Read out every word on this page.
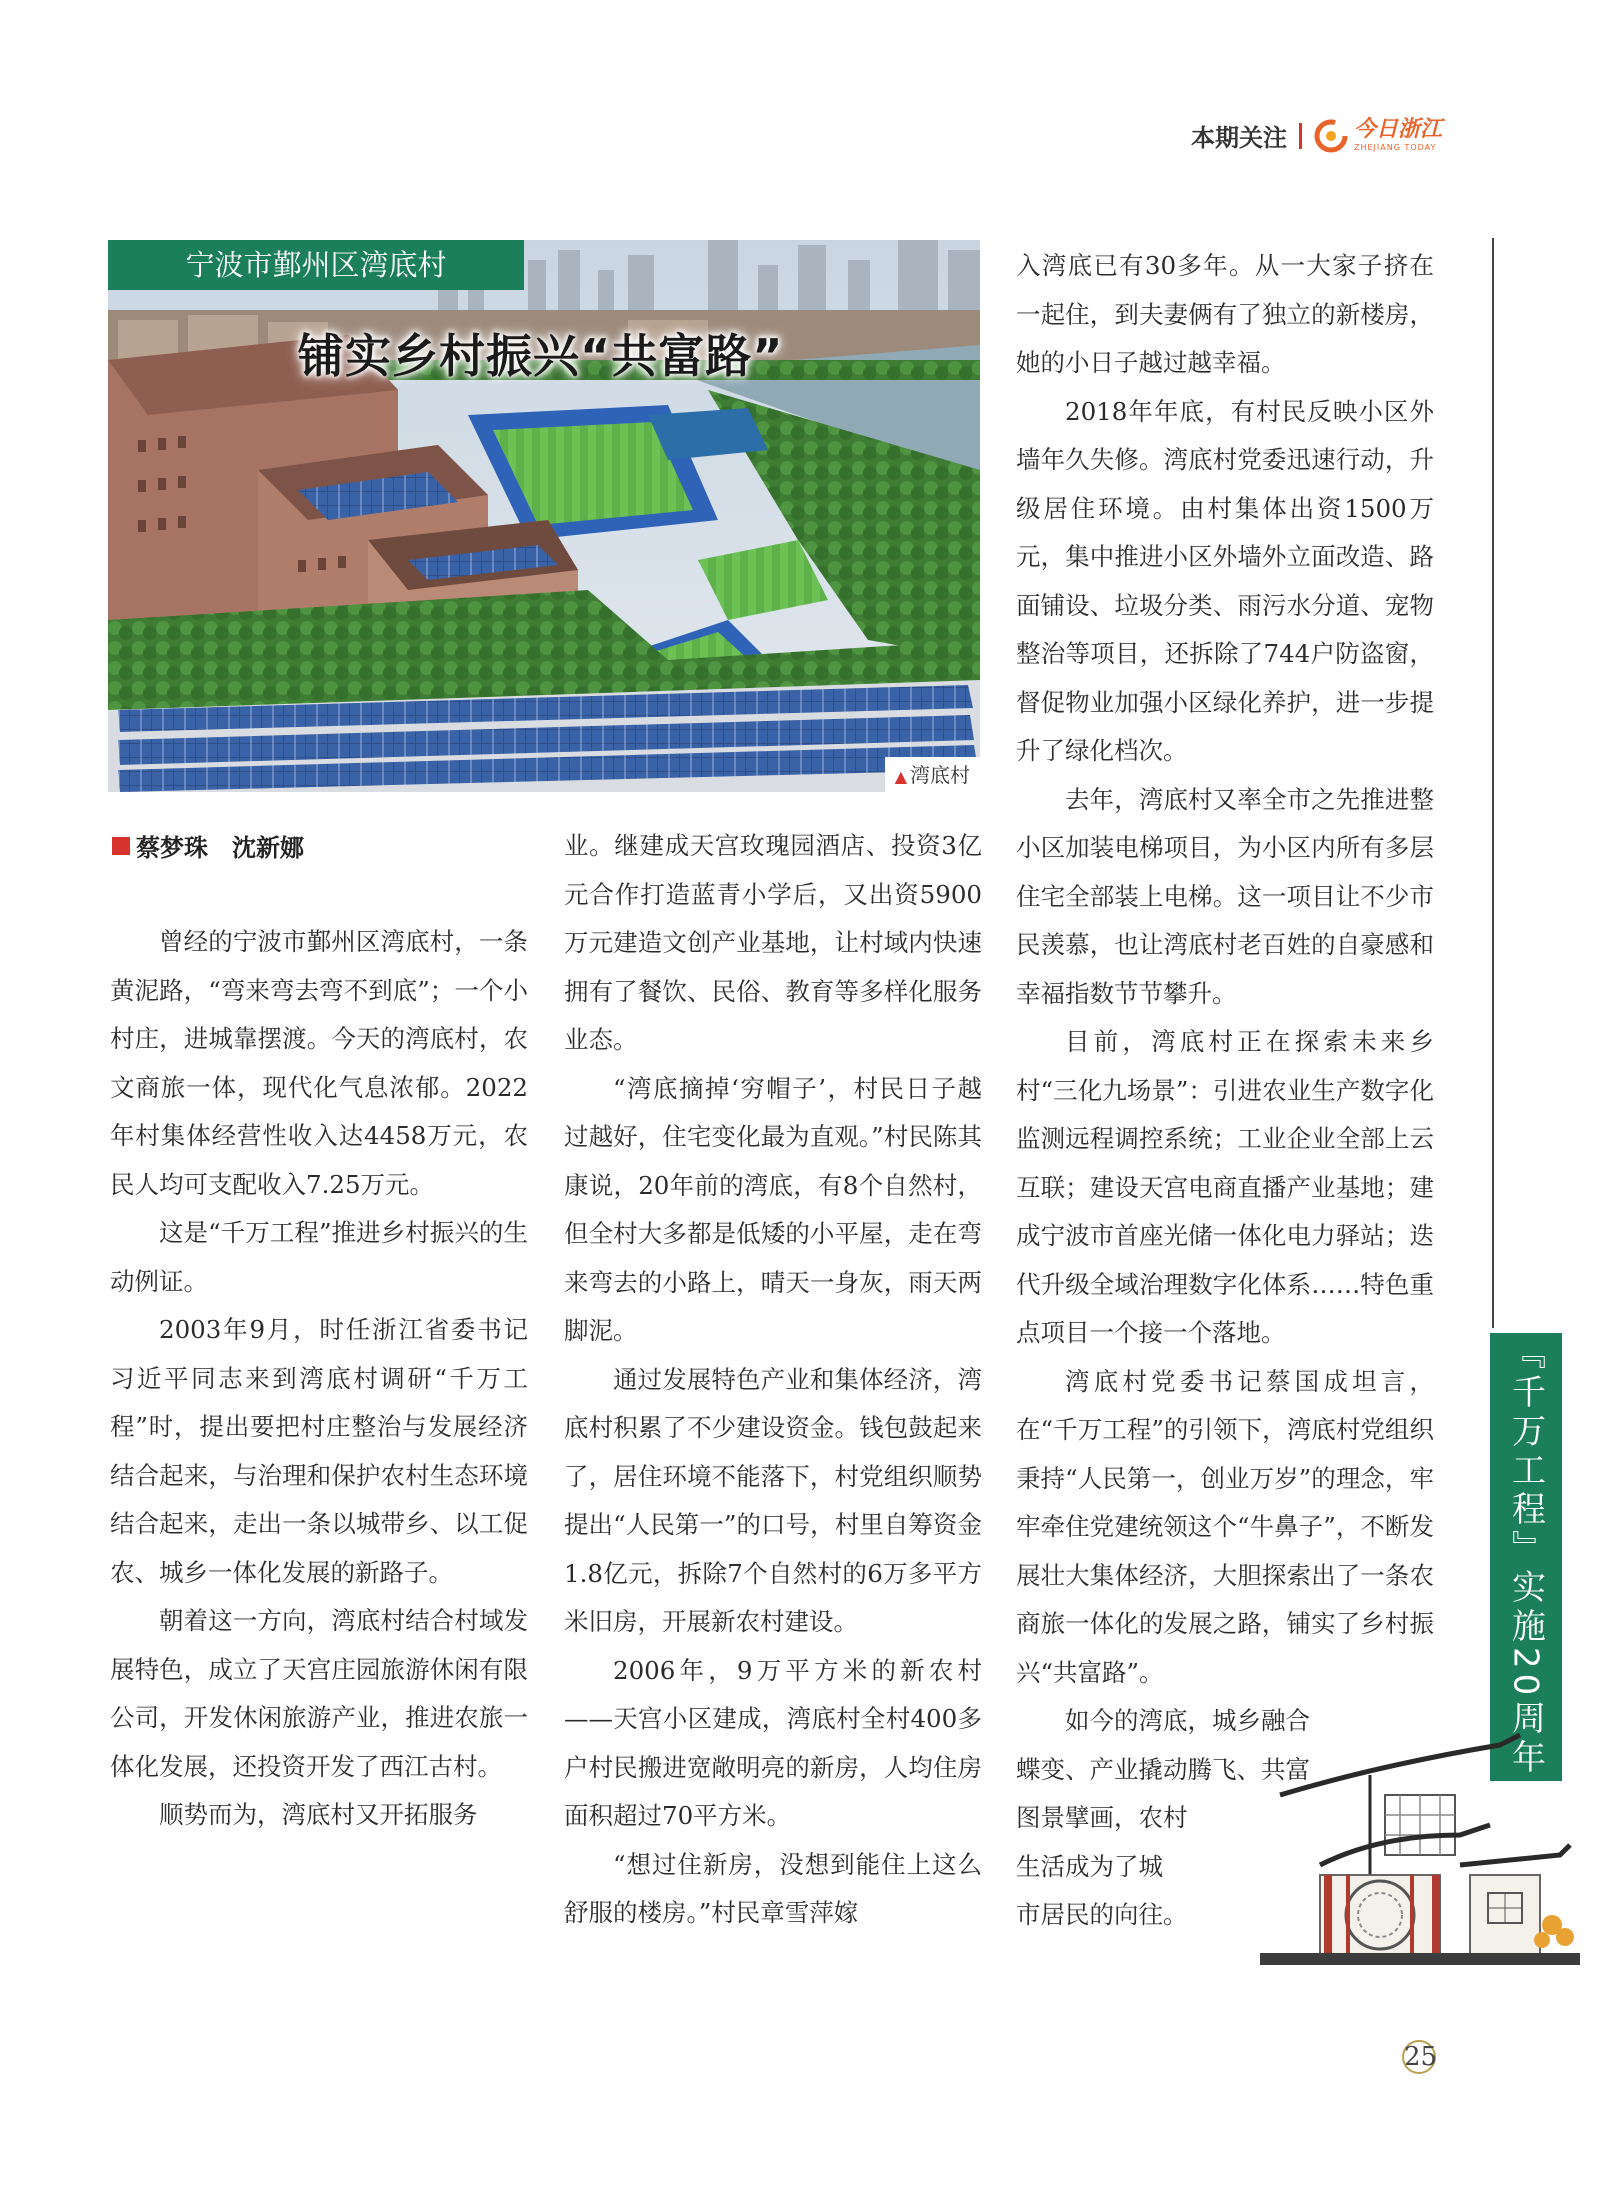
本期关注	今日浙江
ZHEJIANG TODAY
宁波市鄞州区湾底村
铺实乡村振兴“共富路”
▲ 湾底村
蔡梦珠　沈新娜

曾经的宁波市鄞州区湾底村，一条黄泥路，“弯来弯去弯不到底”；一个小村庄，进城靠摆渡。今天的湾底村，农文商旅一体，现代化气息浓郁。2022年村集体经营性收入达4458万元，农民人均可支配收入7.25万元。

这是“千万工程”推进乡村振兴的生动例证。

2003年9月，时任浙江省委书记习近平同志来到湾底村调研“千万工程”时，提出要把村庄整治与发展经济结合起来，与治理和保护农村生态环境结合起来，走出一条以城带乡、以工促农、城乡一体化发展的新路子。

朝着这一方向，湾底村结合村域发展特色，成立了天宫庄园旅游休闲有限公司，开发休闲旅游产业，推进农旅一体化发展，还投资开发了西江古村。

顺势而为，湾底村又开拓服务

业。继建成天宫玫瑰园酒店、投资3亿元合作打造蓝青小学后，又出资5900万元建造文创产业基地，让村域内快速拥有了餐饮、民俗、教育等多样化服务业态。

“湾底摘掉‘穷帽子’，村民日子越过越好，住宅变化最为直观。”村民陈其康说，20年前的湾底，有8个自然村，但全村大多都是低矮的小平屋，走在弯来弯去的小路上，晴天一身灰，雨天两脚泥。

通过发展特色产业和集体经济，湾底村积累了不少建设资金。钱包鼓起来了，居住环境不能落下，村党组织顺势提出“人民第一”的口号，村里自筹资金1.8亿元，拆除7个自然村的6万多平方米旧房，开展新农村建设。

2006年，9万平方米的新农村——天宫小区建成，湾底村全村400多户村民搬进宽敞明亮的新房，人均住房面积超过70平方米。

“想过住新房，没想到能住上这么舒服的楼房。”村民章雪萍嫁

入湾底已有30多年。从一大家子挤在一起住，到夫妻俩有了独立的新楼房，她的小日子越过越幸福。

2018年年底，有村民反映小区外墙年久失修。湾底村党委迅速行动，升级居住环境。由村集体出资1500万元，集中推进小区外墙外立面改造、路面铺设、垃圾分类、雨污水分道、宠物整治等项目，还拆除了744户防盗窗，督促物业加强小区绿化养护，进一步提升了绿化档次。

去年，湾底村又率全市之先推进整小区加装电梯项目，为小区内所有多层住宅全部装上电梯。这一项目让不少市民羡慕，也让湾底村老百姓的自豪感和幸福指数节节攀升。

目前，湾底村正在探索未来乡村“三化九场景”：引进农业生产数字化监测远程调控系统；工业企业全部上云互联；建设天宫电商直播产业基地；建成宁波市首座光储一体化电力驿站；迭代升级全域治理数字化体系……特色重点项目一个接一个落地。

湾底村党委书记蔡国成坦言，在“千万工程”的引领下，湾底村党组织秉持“人民第一，创业万岁”的理念，牢牢牵住党建统领这个“牛鼻子”，不断发展壮大集体经济，大胆探索出了一条农商旅一体化的发展之路，铺实了乡村振兴“共富路”。

如今的湾底，城乡融合
蝶变、产业撬动腾飞、共富
图景擘画，农村
生活成为了城
市居民的向往。
『千万工程』实施20周年
25
